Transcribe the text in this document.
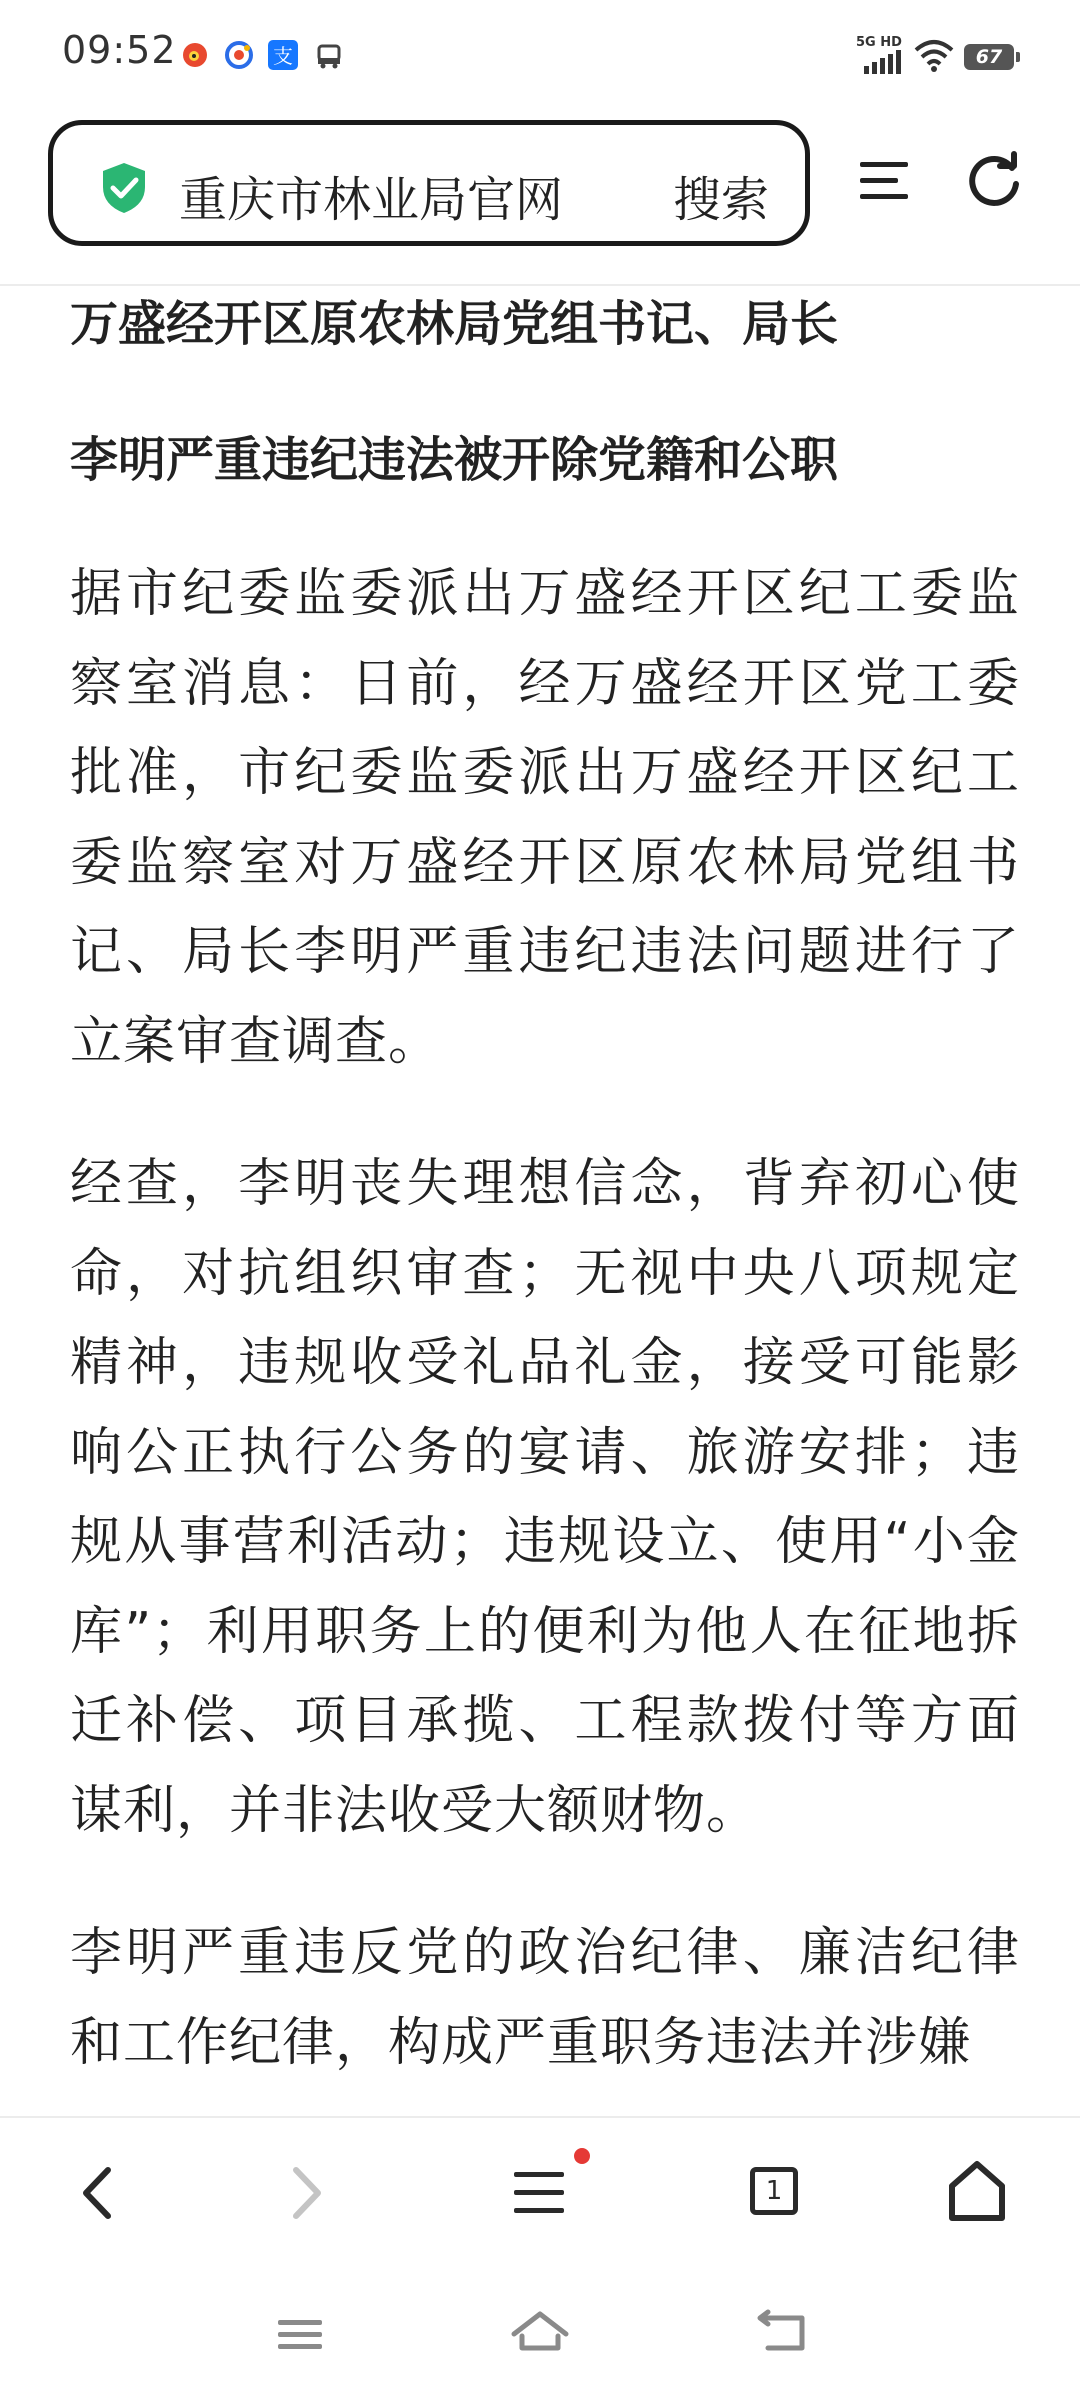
09:52	支
5G HD
67
重庆市林业局官网 搜索

万盛经开区原农林局党组书记、局长

李明严重违纪违法被开除党籍和公职

据市纪委监委派出万盛经开区纪工委监察室消息：日前，经万盛经开区党工委批准，市纪委监委派出万盛经开区纪工委监察室对万盛经开区原农林局党组书记、局长李明严重违纪违法问题进行了立案审查调查。

经查，李明丧失理想信念，背弃初心使命，对抗组织审查；无视中央八项规定精神，违规收受礼品礼金，接受可能影响公正执行公务的宴请、旅游安排；违规从事营利活动；违规设立、使用“小金库”；利用职务上的便利为他人在征地拆迁补偿、项目承揽、工程款拨付等方面谋利，并非法收受大额财物。

李明严重违反党的政治纪律、廉洁纪律和工作纪律，构成严重职务违法并涉嫌

1
